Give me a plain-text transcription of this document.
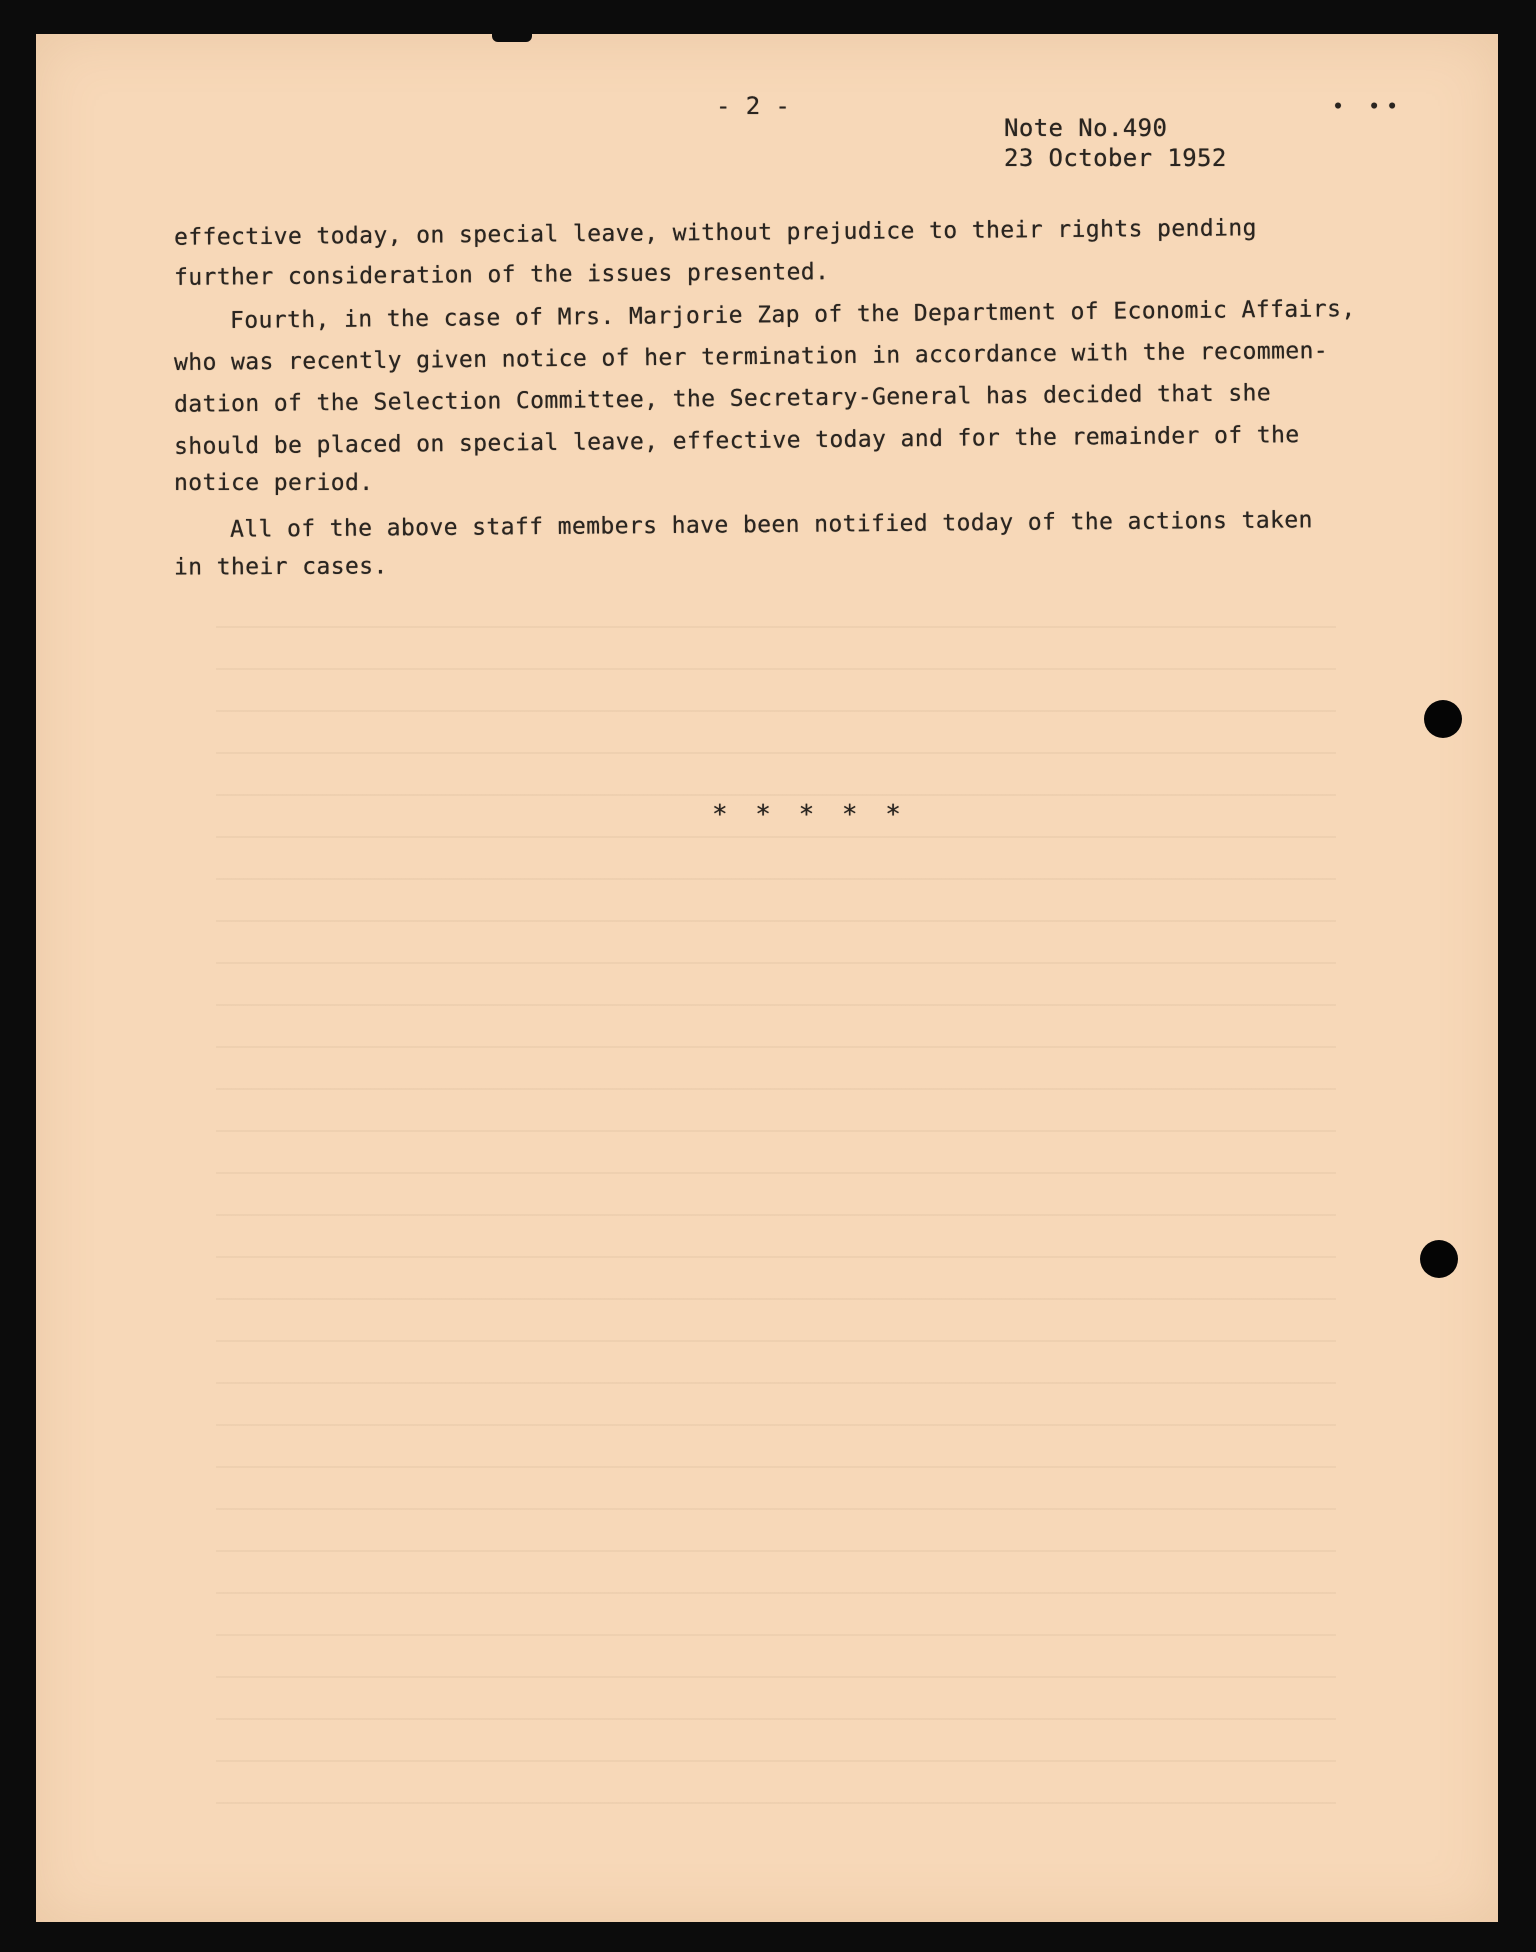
- 2 -
Note No.490
23 October 1952
• ••
effective today, on special leave, without prejudice to their rights pending
further consideration of the issues presented.
Fourth, in the case of Mrs. Marjorie Zap of the Department of Economic Affairs,
who was recently given notice of her termination in accordance with the recommen-
dation of the Selection Committee, the Secretary-General has decided that she
should be placed on special leave, effective today and for the remainder of the
notice period.
All of the above staff members have been notified today of the actions taken
in their cases.
* * * * *
